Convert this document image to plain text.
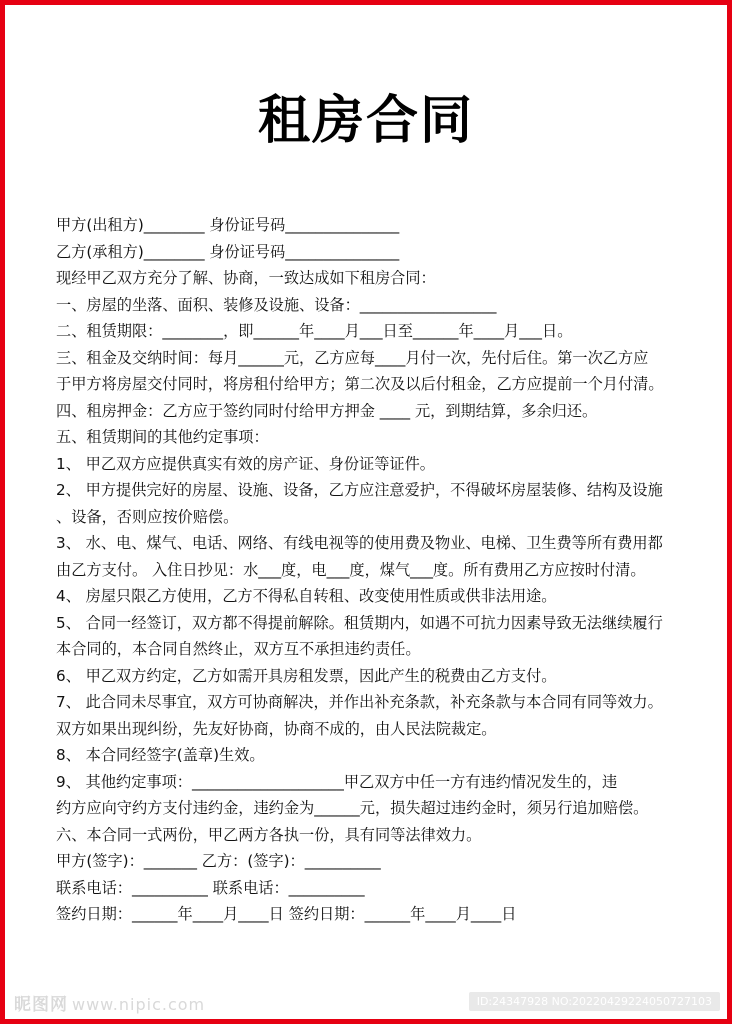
租房合同
甲方(出租方)________ 身份证号码_______________
乙方(承租方)________ 身份证号码_______________
现经甲乙双方充分了解、协商，一致达成如下租房合同：
一、房屋的坐落、面积、装修及设施、设备：__________________
二、租赁期限：________，即______年____月___日至______年____月___日。
三、租金及交纳时间：每月______元，乙方应每____月付一次，先付后住。第一次乙方应
于甲方将房屋交付同时，将房租付给甲方；第二次及以后付租金，乙方应提前一个月付清。
四、租房押金：乙方应于签约同时付给甲方押金 ____ 元，到期结算，多余归还。
五、租赁期间的其他约定事项：
1、 甲乙双方应提供真实有效的房产证、身份证等证件。
2、 甲方提供完好的房屋、设施、设备，乙方应注意爱护，不得破坏房屋装修、结构及设施
、设备，否则应按价赔偿。
3、 水、电、煤气、电话、网络、有线电视等的使用费及物业、电梯、卫生费等所有费用都
由乙方支付。 入住日抄见：水___度，电___度，煤气___度。所有费用乙方应按时付清。
4、 房屋只限乙方使用，乙方不得私自转租、改变使用性质或供非法用途。
5、 合同一经签订，双方都不得提前解除。租赁期内，如遇不可抗力因素导致无法继续履行
本合同的，本合同自然终止，双方互不承担违约责任。
6、 甲乙双方约定，乙方如需开具房租发票，因此产生的税费由乙方支付。
7、 此合同未尽事宜，双方可协商解决，并作出补充条款，补充条款与本合同有同等效力。
双方如果出现纠纷，先友好协商，协商不成的，由人民法院裁定。
8、 本合同经签字(盖章)生效。
9、 其他约定事项：____________________甲乙双方中任一方有违约情况发生的，违
约方应向守约方支付违约金，违约金为______元，损失超过违约金时，须另行追加赔偿。
六、本合同一式两份，甲乙两方各执一份，具有同等法律效力。
甲方(签字)：_______ 乙方：(签字)：__________
联系电话：__________ 联系电话：__________
签约日期：______年____月____日 签约日期：______年____月____日
昵图网 www.nipic.com	ID:24347928 NO:20220429224050727103
